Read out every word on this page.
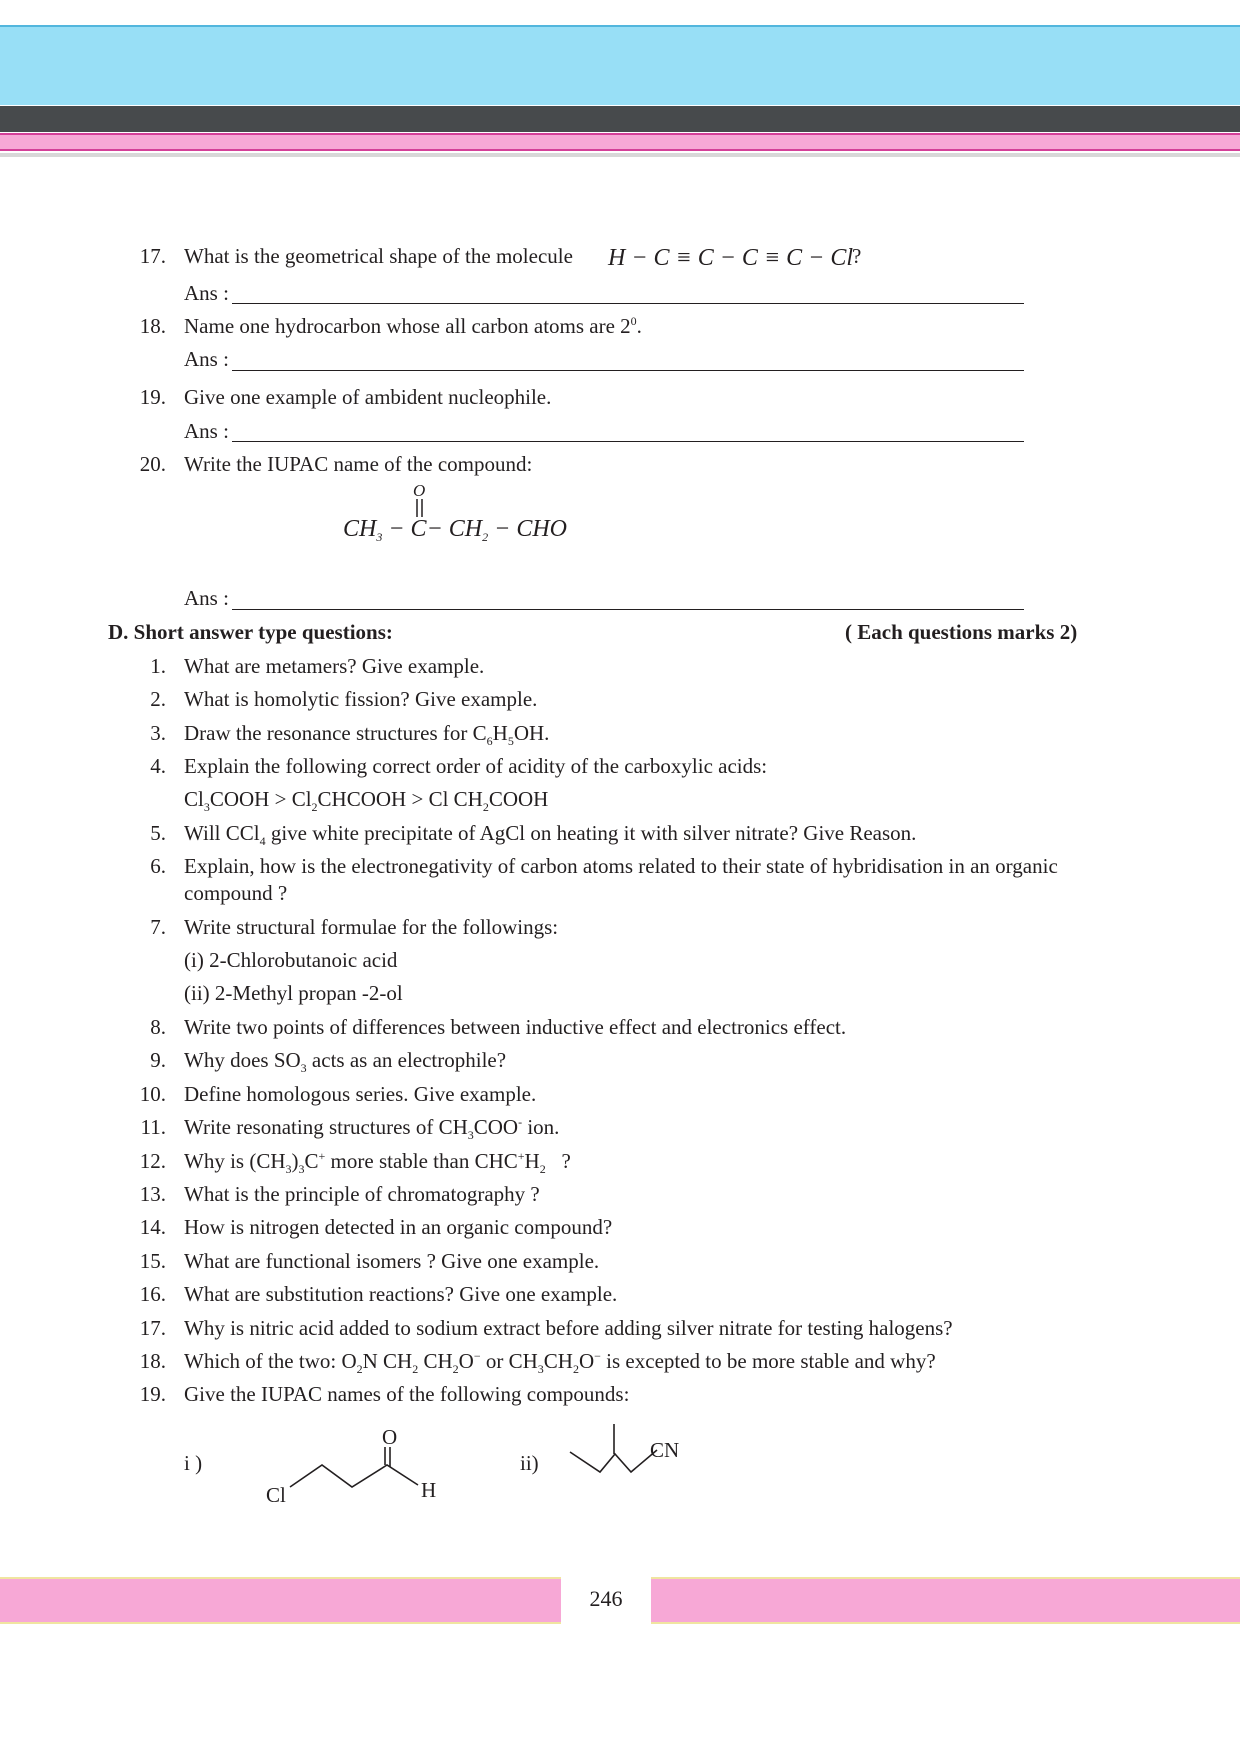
17. What is the geometrical shape of the molecule H − C ≡ C − C ≡ C − Cl
?
Ans :
18. Name one hydrocarbon whose all carbon atoms are $2^0$.
Ans :
19. Give one example of ambident nucleophile.
Ans :
20. Write the IUPAC name of the compound:
O
$CH_3 - C- CH_2$ − CHO
Ans :
D. Short answer type questions:	( Each questions marks 2)
1. What are metamers? Give example.
2. What is homolytic fission? Give example.
3. Draw the resonance structures for $C_6H_5OH$.
4. Explain the following correct order of acidity of the carboxylic acids:
$Cl_3COOH$ > $Cl_2CHCOOH > Cl$ $CH_2COOH$
5. Will CCl$_4$ give white precipitate of AgCl on heating it with silver nitrate? Give Reason.
6. Explain, how is the electronegativity of carbon atoms related to their state of hybridisation in an organic
compound ?
7. Write structural formulae for the followings:
(i) 2-Chlorobutanoic acid
(ii) 2-Methyl propan -2-ol
8. Write two points of differences between inductive effect and electronics effect.
9. Why does $SO_3$ acts as an electrophile?
10. Define homologous series. Give example.
11. Write resonating structures of $CH_3COO^-$ ion.
12. Why is $(CH_3)_3C^+$ more stable than $CHC^+H_2$   ?
13. What is the principle of chromatography ?
14. How is nitrogen detected in an organic compound?
15. What are functional isomers ? Give one example.
16. What are substitution reactions? Give one example.
17. Why is nitric acid added to sodium extract before adding silver nitrate for testing halogens?
18. Which of the two: $O_2N$ $CH_2$ $CH_2O^-$ or $CH_3CH_2O^-$ is excepted to be more stable and why?
19. Give the IUPAC names of the following compounds:
i )
O
Cl	H
ii)
CN
246
